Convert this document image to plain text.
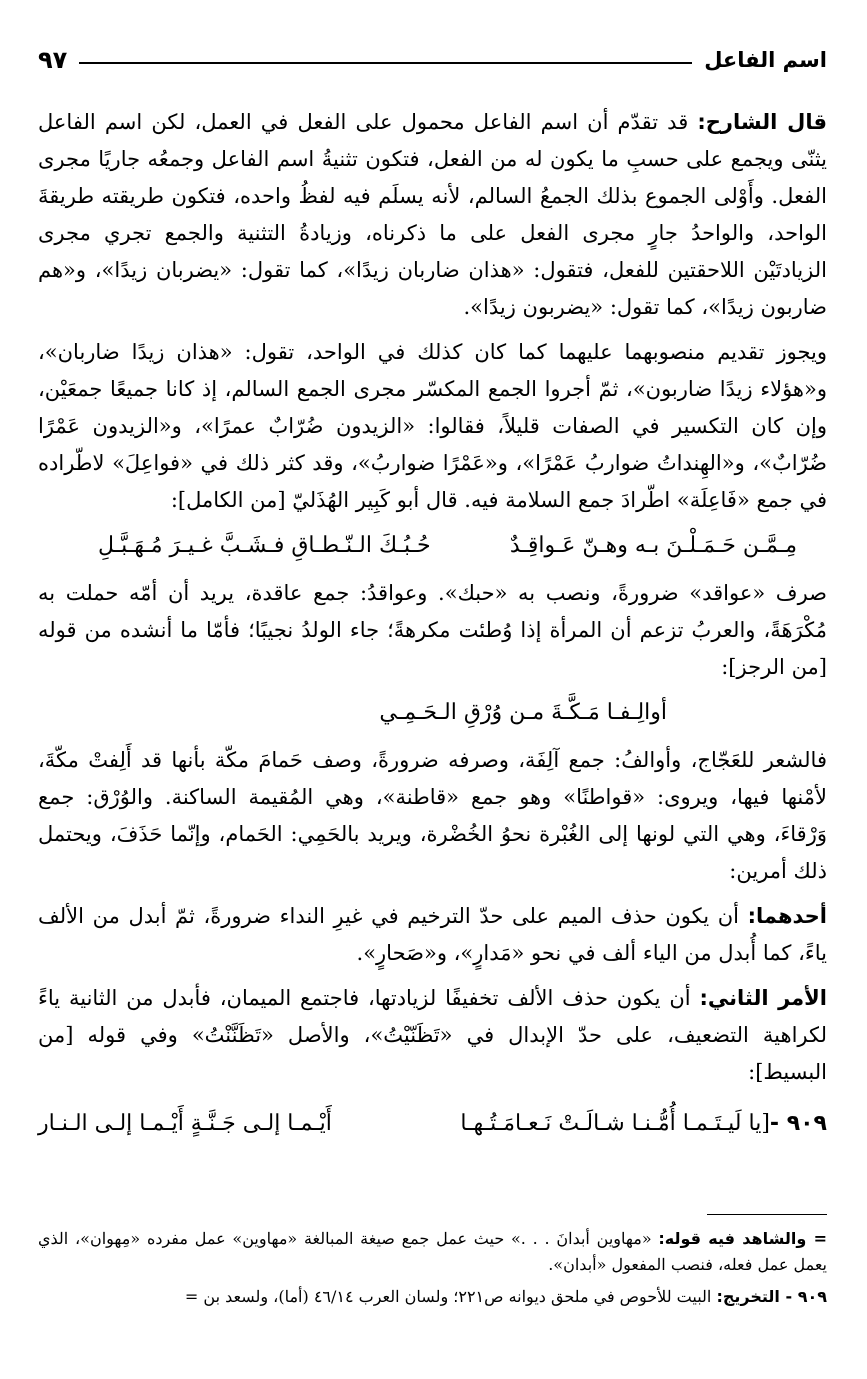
اسم الفاعل
٩٧

قال الشارح: قد تقدّم أن اسم الفاعل محمول على الفعل في العمل، لكن اسم الفاعل يثنّى ويجمع على حسبِ ما يكون له من الفعل، فتكون تثنيةُ اسم الفاعل وجمعُه جاريًا مجرى الفعل. وأَوْلى الجموع بذلك الجمعُ السالم، لأنه يسلَم فيه لفظُ واحده، فتكون طريقته طريقةَ الواحد، والواحدُ جارٍ مجرى الفعل على ما ذكرناه، وزيادةُ التثنية والجمع تجري مجرى الزيادتَيْن اللاحقتين للفعل، فتقول: «هذان ضاربان زيدًا»، كما تقول: «يضربان زيدًا»، و«هم ضاربون زيدًا»، كما تقول: «يضربون زيدًا».

ويجوز تقديم منصوبهما عليهما كما كان كذلك في الواحد، تقول: «هذان زيدًا ضاربان»، و«هؤلاء زيدًا ضاربون»، ثمّ أجروا الجمع المكسّر مجرى الجمع السالم، إذ كانا جميعًا جمعَيْن، وإن كان التكسير في الصفات قليلاً، فقالوا: «الزيدون ضُرّابٌ عمرًا»، و«الزيدون عَمْرًا ضُرّابٌ»، و«الهِنداتُ ضواربُ عَمْرًا»، و«عَمْرًا ضواربُ»، وقد كثر ذلك في «فواعِلَ» لاطّراده في جمع «فَاعِلَة» اطّرادَ جمع السلامة فيه. قال أبو كَبِير الهُذَليّ [من الكامل]:

مِـمَّـن حَـمَـلْـنَ بـه وهـنّ عَـواقِـدٌ
حُـبُـكَ الـنّـطـاقِ فـشَـبَّ غـيـرَ مُـهَـبَّـلِ

صرف «عواقد» ضرورةً، ونصب به «حبك». وعواقدُ: جمع عاقدة، يريد أن أمّه حملت به مُكْرَهَةً، والعربُ تزعم أن المرأة إذا وُطئت مكرهةً؛ جاء الولدُ نجيبًا؛ فأمّا ما أنشده من قوله [من الرجز]:

أوالِـفـا مَـكَّـةَ مـن وُرْقِ الـحَـمِـي

فالشعر للعَجّاج، وأوالفُ: جمع آلِفَة، وصرفه ضرورةً، وصف حَمامَ مكّة بأنها قد أَلِفتْ مكّةَ، لأمْنها فيها، ويروى: «قواطنًا» وهو جمع «قاطنة»، وهي المُقيمة الساكنة. والوُرْق: جمع وَرْقاءَ، وهي التي لونها إلى الغُبْرة نحوُ الخُضْرة، ويريد بالحَمِي: الحَمام، وإنّما حَذَفَ، ويحتمل ذلك أمرين:

أحدهما: أن يكون حذف الميم على حدّ الترخيم في غيرِ النداء ضرورةً، ثمّ أبدل من الألف ياءً، كما أُبدل من الياء ألف في نحو «مَدارٍ»، و«صَحارٍ».

الأمر الثاني: أن يكون حذف الألف تخفيفًا لزيادتها، فاجتمع الميمان، فأبدل من الثانية ياءً لكراهية التضعيف، على حدّ الإبدال في «تَظَنّيْتُ»، والأصل «تَظَنَّنْتُ» وفي قوله [من البسيط]:

٩٠٩ -[يا لَيـتَـمـا أُمُّـنـا شـالَـتْ نَـعـامَـتُـهـا
أَيْـمـا إلـى جَـنَّـةٍ أَيْـمـا إلـى الـنـار

= والشاهد فيه قوله: «مهاوين أبدانَ . . .» حيث عمل جمع صيغة المبالغة «مهاوين» عمل مفرده «مِهوان»، الذي يعمل عمل فعله، فنصب المفعول «أبدان».

٩٠٩ - التخريج: البيت للأحوص في ملحق ديوانه ص٢٢١؛ ولسان العرب ٤٦/١٤ (أما)، ولسعد بن =
